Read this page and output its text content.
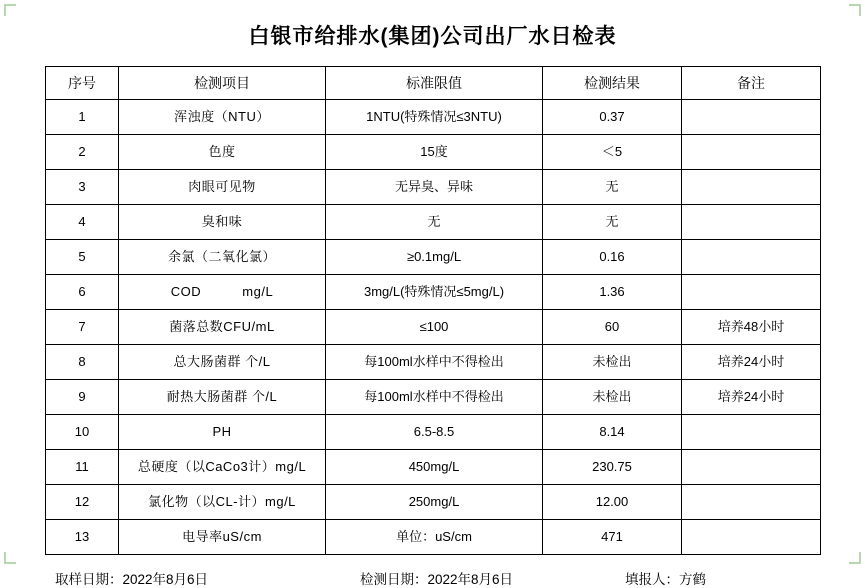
白银市给排水(集团)公司出厂水日检表
序号	检测项目	标准限值	检测结果	备注
1	浑浊度（NTU）	1NTU(特殊情况≤3NTU)	0.37	
2	色度	15度	＜5	
3	肉眼可见物	无异臭、异味	无	
4	臭和味	无	无	
5	余氯（二氧化氯）	≥0.1mg/L	0.16	
6	COD          mg/L	3mg/L(特殊情况≤5mg/L)	1.36	
7	菌落总数CFU/mL	≤100	60	培养48小时
8	总大肠菌群 个/L	每100ml水样中不得检出	未检出	培养24小时
9	耐热大肠菌群 个/L	每100ml水样中不得检出	未检出	培养24小时
10	PH	6.5-8.5	8.14	
11	总硬度（以CaCo3计）mg/L	450mg/L	230.75	
12	氯化物（以CL-计）mg/L	250mg/L	12.00	
13	电导率uS/cm	单位：uS/cm	471	
取样日期：2022年8月6日	检测日期：2022年8月6日	填报人：方鹤
